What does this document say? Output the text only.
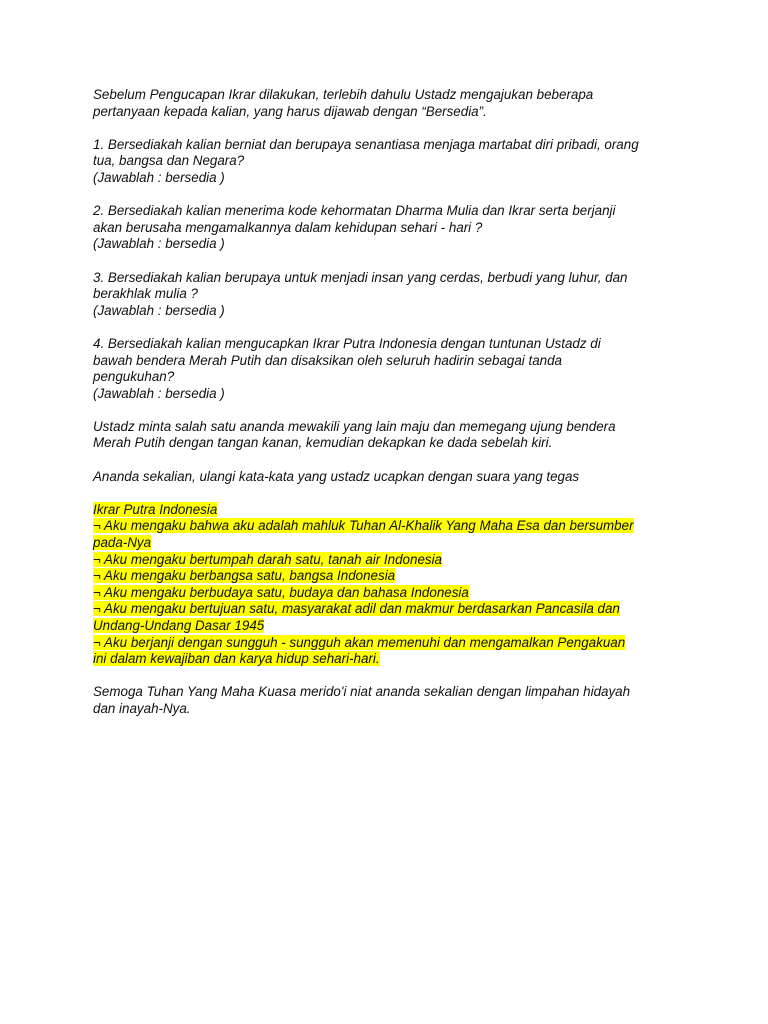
Sebelum Pengucapan Ikrar dilakukan, terlebih dahulu Ustadz mengajukan beberapa
pertanyaan kepada kalian, yang harus dijawab dengan “Bersedia”.

1. Bersediakah kalian berniat dan berupaya senantiasa menjaga martabat diri pribadi, orang
tua, bangsa dan Negara?
(Jawablah : bersedia )

2. Bersediakah kalian menerima kode kehormatan Dharma Mulia dan Ikrar serta berjanji
akan berusaha mengamalkannya dalam kehidupan sehari - hari ?
(Jawablah : bersedia )

3. Bersediakah kalian berupaya untuk menjadi insan yang cerdas, berbudi yang luhur, dan
berakhlak mulia ?
(Jawablah : bersedia )

4. Bersediakah kalian mengucapkan Ikrar Putra Indonesia dengan tuntunan Ustadz di
bawah bendera Merah Putih dan disaksikan oleh seluruh hadirin sebagai tanda
pengukuhan?
(Jawablah : bersedia )

Ustadz minta salah satu ananda mewakili yang lain maju dan memegang ujung bendera
Merah Putih dengan tangan kanan, kemudian dekapkan ke dada sebelah kiri.

Ananda sekalian, ulangi kata-kata yang ustadz ucapkan dengan suara yang tegas

Ikrar Putra Indonesia
¬ Aku mengaku bahwa aku adalah mahluk Tuhan Al-Khalik Yang Maha Esa dan bersumber
pada-Nya
¬ Aku mengaku bertumpah darah satu, tanah air Indonesia
¬ Aku mengaku berbangsa satu, bangsa Indonesia
¬ Aku mengaku berbudaya satu, budaya dan bahasa Indonesia
¬ Aku mengaku bertujuan satu, masyarakat adil dan makmur berdasarkan Pancasila dan
Undang-Undang Dasar 1945
¬ Aku berjanji dengan sungguh - sungguh akan memenuhi dan mengamalkan Pengakuan
ini dalam kewajiban dan karya hidup sehari-hari.

Semoga Tuhan Yang Maha Kuasa merido'i niat ananda sekalian dengan limpahan hidayah
dan inayah-Nya.
